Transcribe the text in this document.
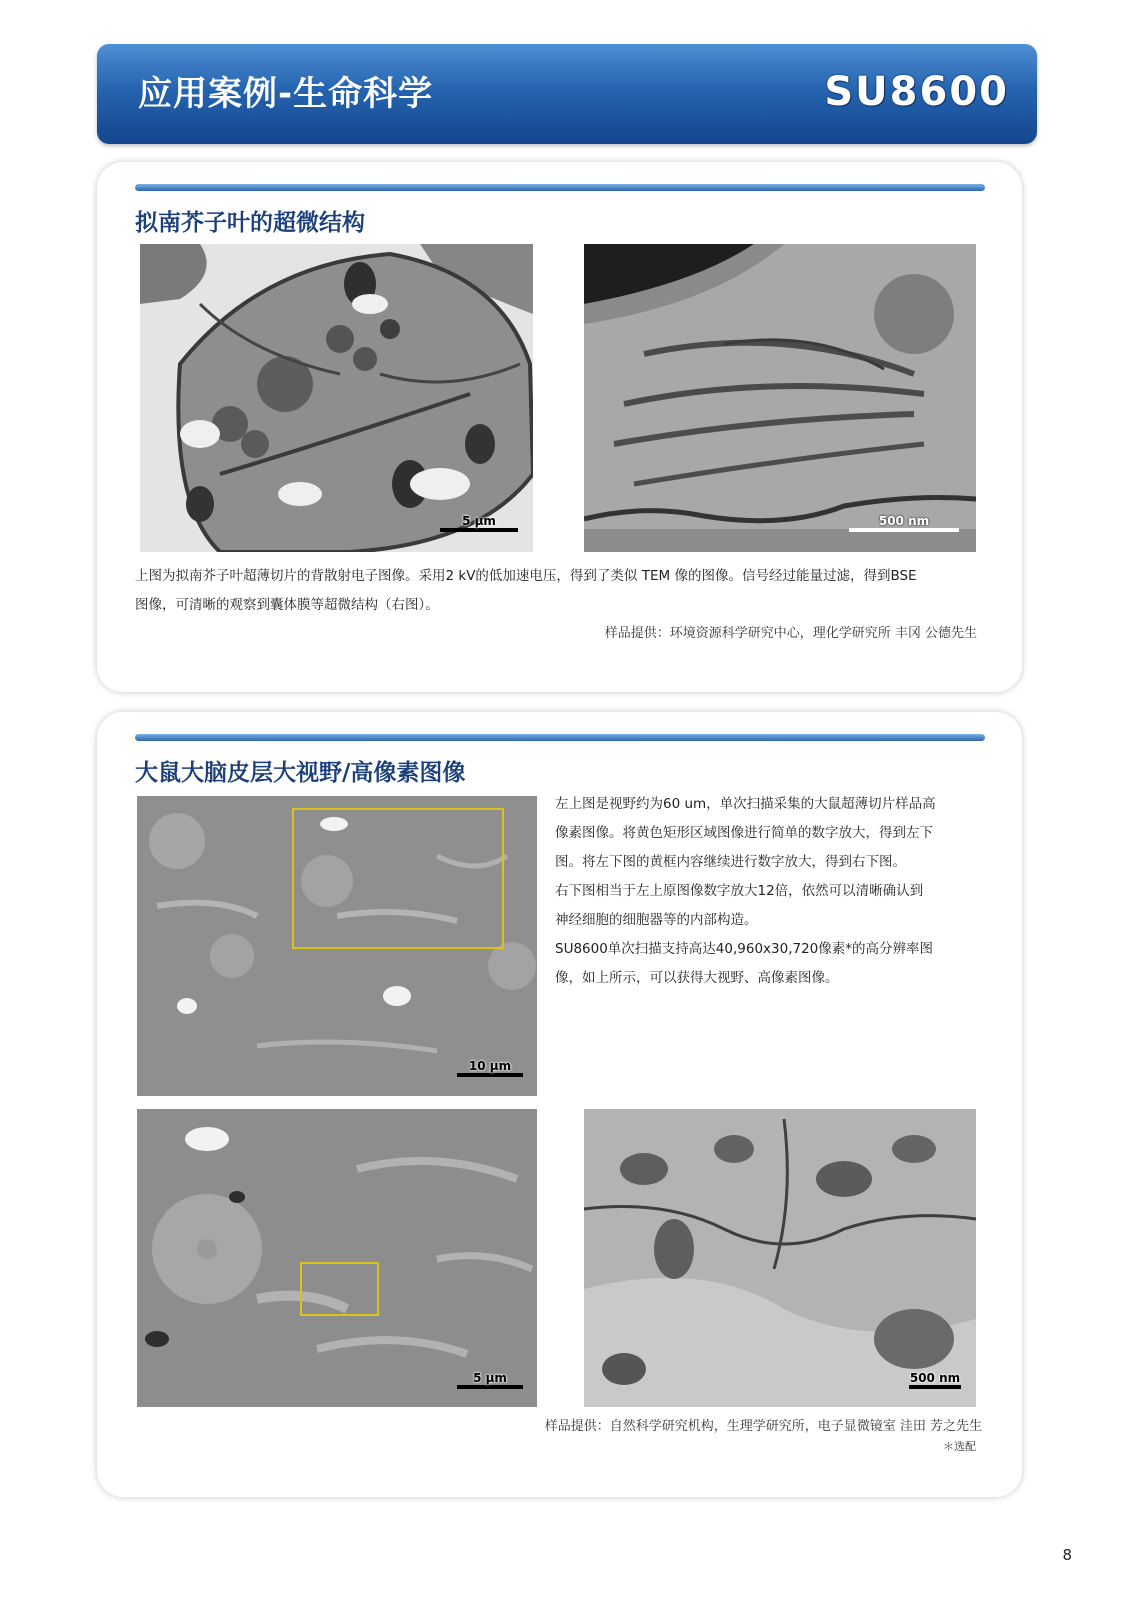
应用案例-生命科学	SU8600
拟南芥子叶的超微结构
5 μm	500 nm
上图为拟南芥子叶超薄切片的背散射电子图像。采用2 kV的低加速电压，得到了类似 TEM 像的图像。信号经过能量过滤，得到BSE
图像，可清晰的观察到囊体膜等超微结构（右图）。
样品提供：环境资源科学研究中心，理化学研究所 丰冈 公德先生
大鼠大脑皮层大视野/高像素图像
10 μm
左上图是视野约为60 um，单次扫描采集的大鼠超薄切片样品高
像素图像。将黄色矩形区域图像进行简单的数字放大，得到左下
图。将左下图的黄框内容继续进行数字放大，得到右下图。
右下图相当于左上原图像数字放大12倍，依然可以清晰确认到
神经细胞的细胞器等的内部构造。
SU8600单次扫描支持高达40,960x30,720像素*的高分辨率图
像，如上所示，可以获得大视野、高像素图像。
5 μm	500 nm
样品提供：自然科学研究机构，生理学研究所，电子显微镜室 洼田 芳之先生
＊选配
8
